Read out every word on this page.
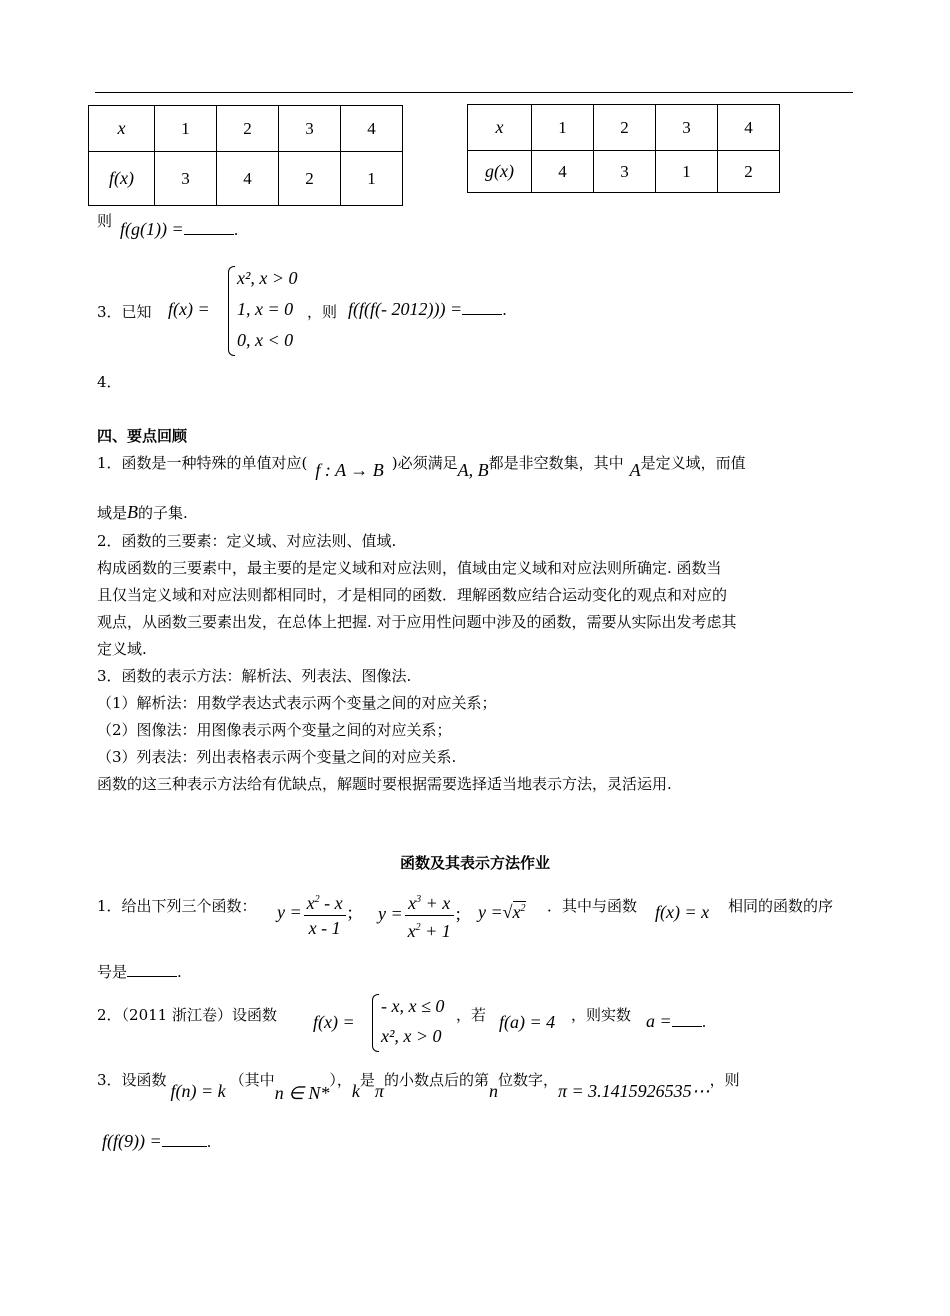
x	1	2	3	4
f(x)	3	4	2	1
x	1	2	3	4
g(x)	4	3	1	2
则 f(g(1)) =	.
3．已知 f(x) =
x², x > 0
1, x = 0
0, x < 0
，则 f(f(f(- 2012))) =	.
4．
四、要点回顾
1．函数是一种特殊的单值对应( f : A → B )必须满足A, B都是非空数集，其中 A是定义域，而值
域是B的子集.
2．函数的三要素：定义域、对应法则、值域.
构成函数的三要素中，最主要的是定义域和对应法则，值域由定义域和对应法则所确定. 函数当
且仅当定义域和对应法则都相同时，才是相同的函数．理解函数应结合运动变化的观点和对应的
观点，从函数三要素出发，在总体上把握. 对于应用性问题中涉及的函数，需要从实际出发考虑其
定义域.
3．函数的表示方法：解析法、列表法、图像法.
（1）解析法：用数学表达式表示两个变量之间的对应关系；
（2）图像法：用图像表示两个变量之间的对应关系；
（3）列表法：列出表格表示两个变量之间的对应关系.
函数的这三种表示方法给有优缺点，解题时要根据需要选择适当地表示方法，灵活运用.
函数及其表示方法作业
1．给出下列三个函数： $y = \frac{x^2 - x}{x - 1}$ ; $y = \frac{x^3 + x}{x^2 + 1}$ ; $y =√x^2$ ．其中与函数 f(x) = x 相同的函数的序
号是	.
2．（2011 浙江卷）设函数 f(x) =
- x, x ≤ 0
x², x > 0
，若 f(a) = 4 ，则实数 a = .
3．设函数f(n) = k（其中n ∈ N*），k是π的小数点后的第n位数字，π = 3.1415926535⋯，则
f(f(9)) =	.
